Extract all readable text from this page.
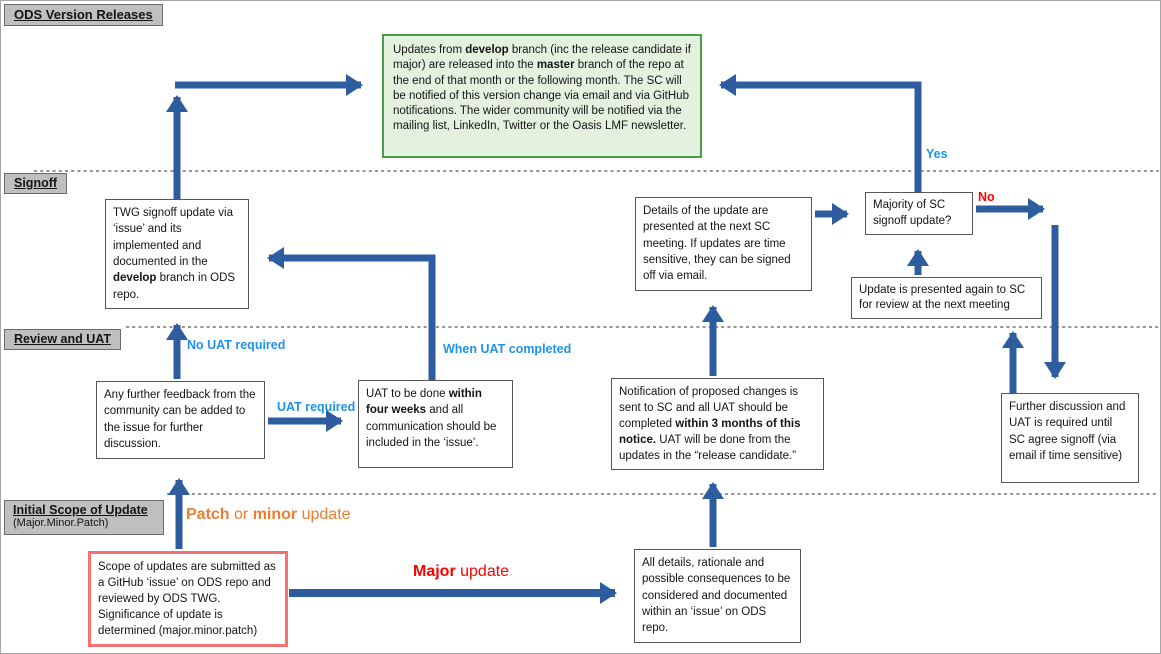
ODS Version Releases
Signoff
Review and UAT
Initial Scope of Update
(Major.Minor.Patch)
Updates from develop branch (inc the release candidate if major) are released into the master branch of the repo at the end of that month or the following month. The SC will be notified of this version change via email and via GitHub notifications. The wider community will be notified via the mailing list, LinkedIn, Twitter or the Oasis LMF newsletter.
TWG signoff update via ‘issue’ and its implemented and documented in the develop branch in ODS repo.
Any further feedback from the community can be added to the issue for further discussion.
UAT to be done within four weeks and all communication should be included in the ‘issue’.
Scope of updates are submitted as a GitHub ‘issue’ on ODS repo and reviewed by ODS TWG. Significance of update is determined (major.minor.patch)
All details, rationale and possible consequences to be considered and documented within an ‘issue’ on ODS repo.
Notification of proposed changes is sent to SC and all UAT should be completed within 3 months of this notice. UAT will be done from the updates in the “release candidate.”
Details of the update are presented at the next SC meeting. If updates are time sensitive, they can be signed off via email.
Majority of SC signoff update?
Update is presented again to SC for review at the next meeting
Further discussion and UAT is required until SC agree signoff (via email if time sensitive)
No UAT required
UAT required
When UAT completed
Yes
No
Patch or minor update
Major update
